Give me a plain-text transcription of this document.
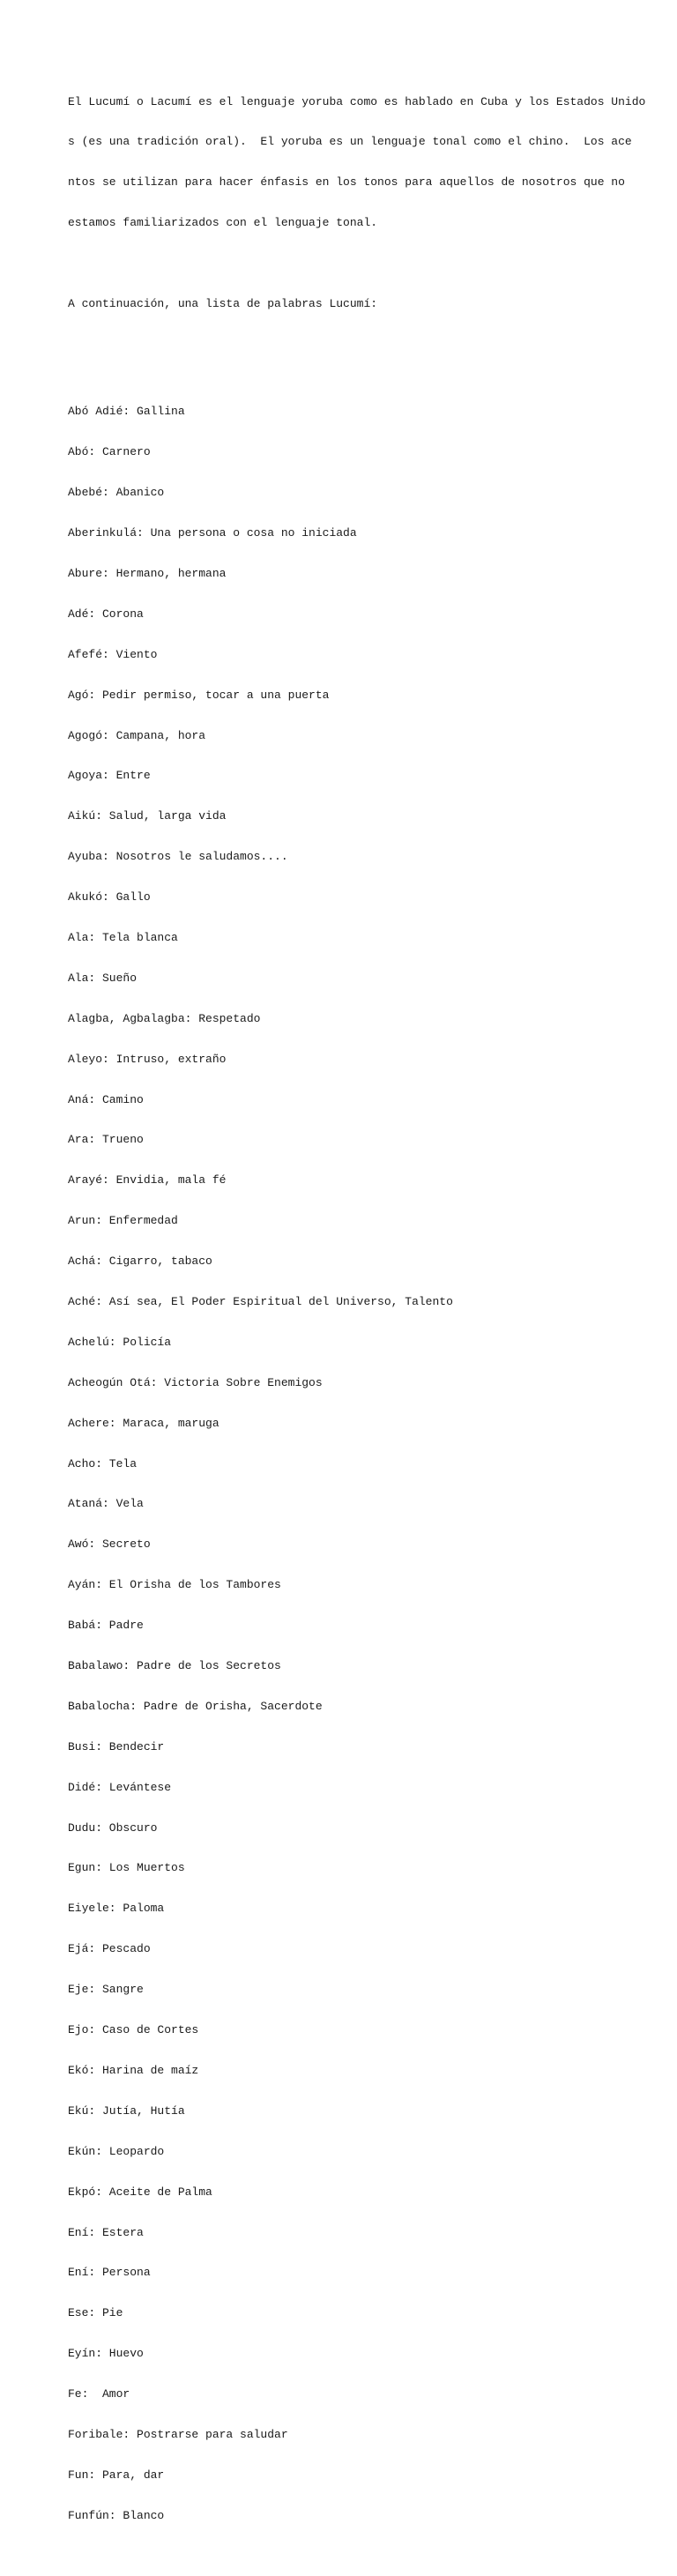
El Lucumí o Lacumí es el lenguaje yoruba como es hablado en Cuba y los Estados Unido

s (es una tradición oral).  El yoruba es un lenguaje tonal como el chino.  Los ace

ntos se utilizan para hacer énfasis en los tonos para aquellos de nosotros que no

estamos familiarizados con el lenguaje tonal.

A continuación, una lista de palabras Lucumí:

Abó Adié: Gallina

Abó: Carnero

Abebé: Abanico

Aberinkulá: Una persona o cosa no iniciada

Abure: Hermano, hermana

Adé: Corona

Afefé: Viento

Agó: Pedir permiso, tocar a una puerta

Agogó: Campana, hora

Agoya: Entre

Aikú: Salud, larga vida

Ayuba: Nosotros le saludamos....

Akukó: Gallo

Ala: Tela blanca

Ala: Sueño

Alagba, Agbalagba: Respetado

Aleyo: Intruso, extraño

Aná: Camino

Ara: Trueno

Arayé: Envidia, mala fé

Arun: Enfermedad

Achá: Cigarro, tabaco

Aché: Así sea, El Poder Espiritual del Universo, Talento

Achelú: Policía

Acheogún Otá: Victoria Sobre Enemigos

Achere: Maraca, maruga

Acho: Tela

Ataná: Vela

Awó: Secreto

Ayán: El Orisha de los Tambores

Babá: Padre

Babalawo: Padre de los Secretos

Babalocha: Padre de Orisha, Sacerdote

Busi: Bendecir

Didé: Levántese

Dudu: Obscuro

Egun: Los Muertos

Eiyele: Paloma

Ejá: Pescado

Eje: Sangre

Ejo: Caso de Cortes

Ekó: Harina de maíz

Ekú: Jutía, Hutía

Ekún: Leopardo

Ekpó: Aceite de Palma

Ení: Estera

Ení: Persona

Ese: Pie

Eyín: Huevo

Fe:  Amor

Foribale: Postrarse para saludar

Fun: Para, dar

Funfún: Blanco
